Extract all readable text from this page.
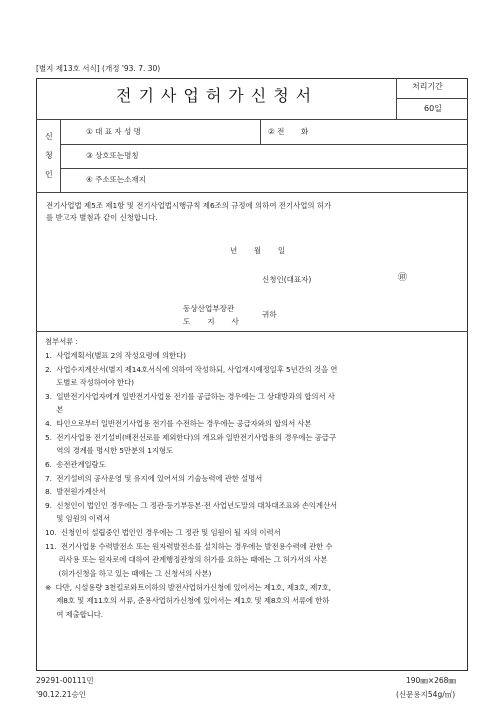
[별지 제13호 서식] (개정 '93. 7. 30)
전기사업허가신청서	처리기간
60일
신
청
인
① 대 표 자 성 명	② 전       화
③ 상호또는명칭
④ 주소또는소재지
전기사업법 제5조 제1항 및 전기사업법시행규칙 제6조의 규정에 의하여 전기사업의 허가
를 받고자 별첨과 같이 신청합니다.
년       월       일
신청인(대표자)	㊞
동상산업부장관
도       지       사
귀하
첨부서류 :
1.  사업계획서(별표 2의 작성요령에 의한다)
2.  사업수지계산서(별지 제14호서식에 의하여 작성하되, 사업개시예정일후 5년간의 것을 연
도별로 작성하여야 한다)
3.  일반전기사업자에게 일반전기사업용 전기를 공급하는 경우에는 그 상대방과의 합의서 사
본
4.  타인으로부터 일반전기사업용 전기를 수전하는 경우에는 공급자와의 합의서 사본
5.  전기사업용 전기설비(배전선로를 제외한다)의 개요와 일반전기사업용의 경우에는 공급구
역의 경계를 명시한 5만분의 1지형도
6.  송전관계일람도
7.  전기설비의 공사운영 및 유지에 있어서의 기술능력에 관한 설명서
8.  발전원가계산서
9.  신청인이 법인인 경우에는 그 정관·등기부등본·전 사업년도말의 대차대조표와 손익계산서
및 임원의 이력서
10.  신청인이 설립중인 법인인 경우에는 그 정관 및 임원이 될 자의 이력서
11.  전기사업용 수력발전소 또는 원자력발전소를 설치하는 경우에는 발전용수력에 관한 수
리사용 또는 원자로에 대하여 관계행정관청의 허가를 요하는 때에는 그 허가서의 사본
(허가신청을 하고 있는 때에는 그 신청서의 사본)
※  다만, 시설용량 3천킬로와트이하의 발전사업허가신청에 있어서는 제1호, 제3호, 제7호,
제8호 및 제11호의 서류, 준용사업허가신청에 있어서는 제1호 및 제8호의 서류에 한하
여 제출합니다.
29291-00111민
'90.12.21승인
190㎜×268㎜
(신문용지54g/㎡)
